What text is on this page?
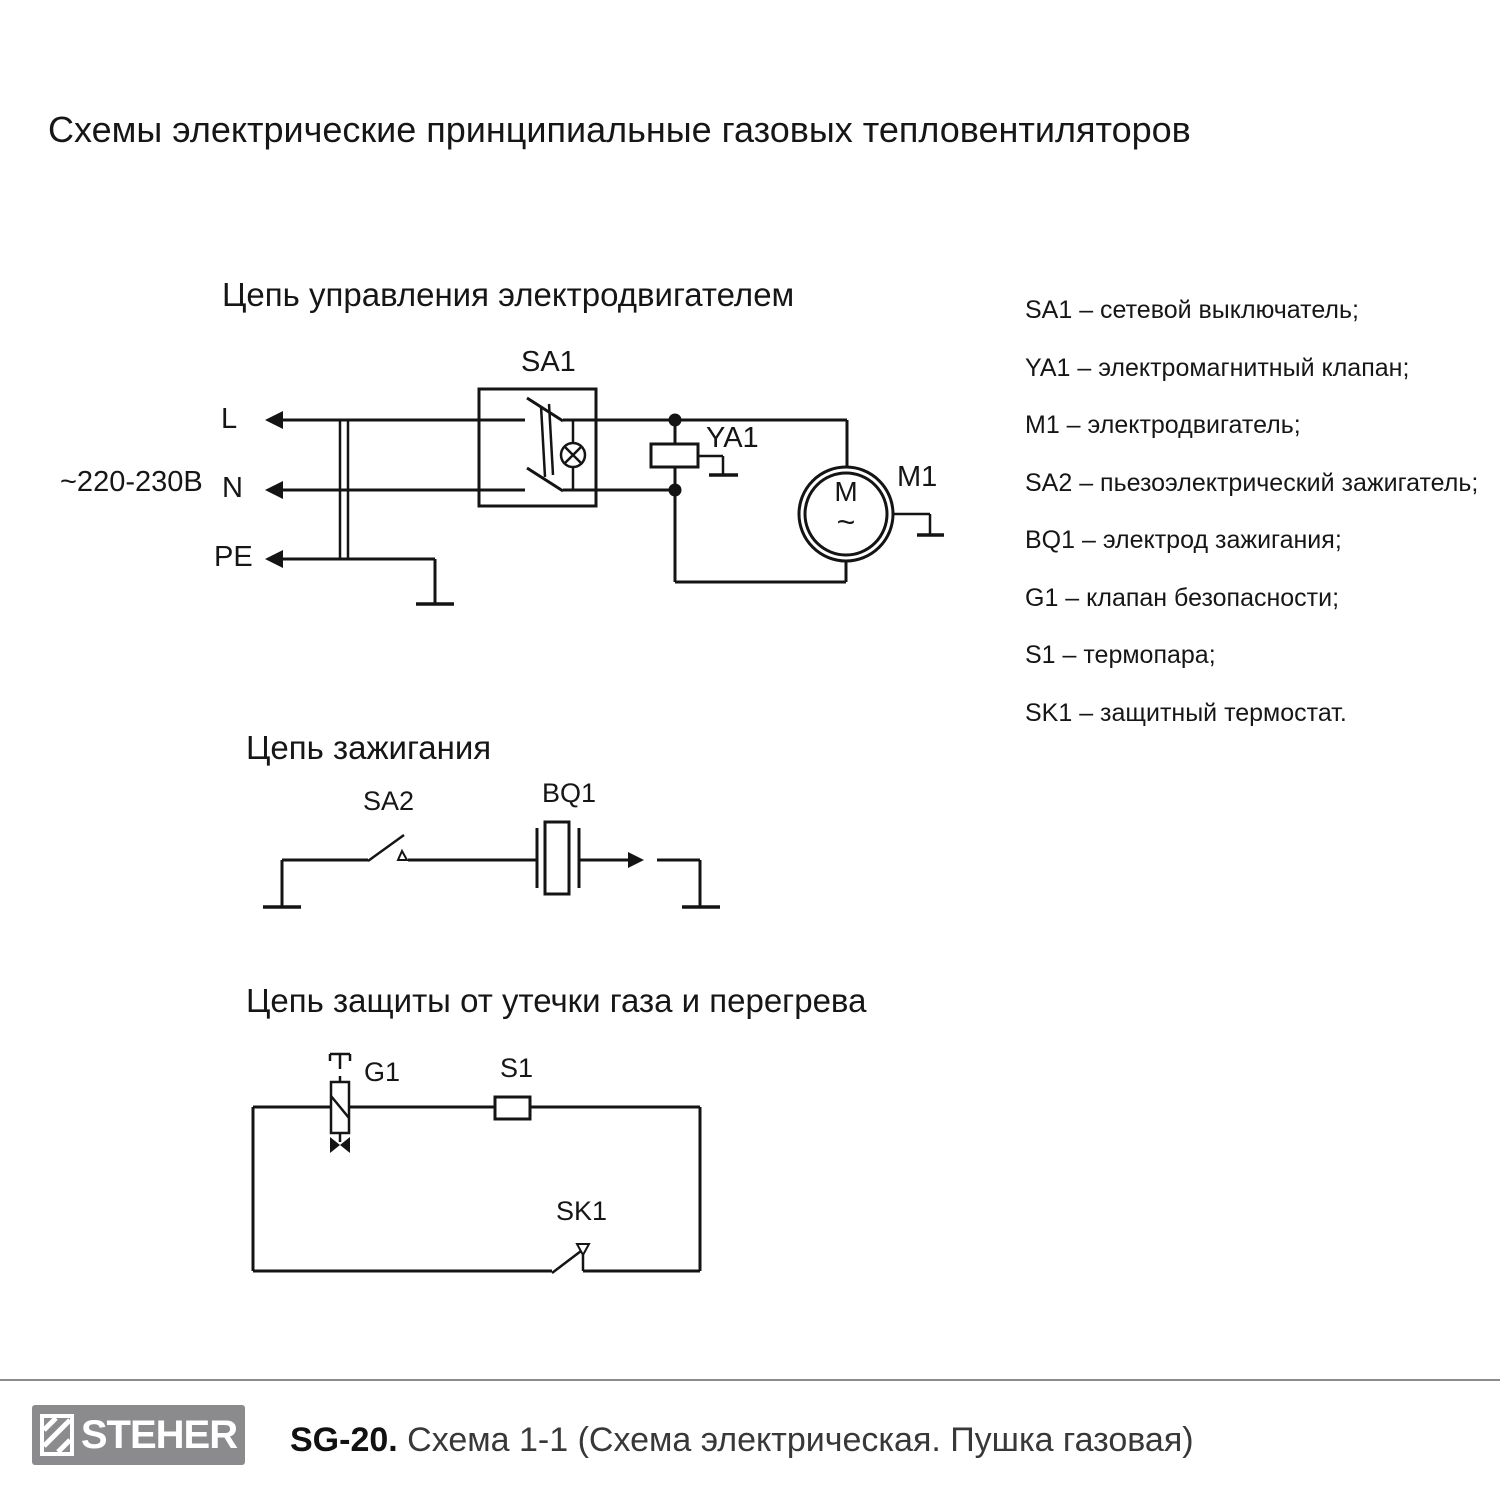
Схемы электрические принципиальные газовых тепловентиляторов
Цепь управления электродвигателем
SA1
YA1
M1
M
~
L
N
PE
~220-230В
Цепь зажигания
SA2	BQ1
Цепь защиты от утечки газа и перегрева
G1	S1
SK1
SA1 – сетевой выключатель;
YA1 – электромагнитный клапан;
M1 – электродвигатель;
SA2 – пьезоэлектрический зажигатель;
BQ1 – электрод зажигания;
G1 – клапан безопасности;
S1 – термопара;
SK1 – защитный термостат.
STEHER SG-20. Схема 1-1 (Схема электрическая. Пушка газовая)
